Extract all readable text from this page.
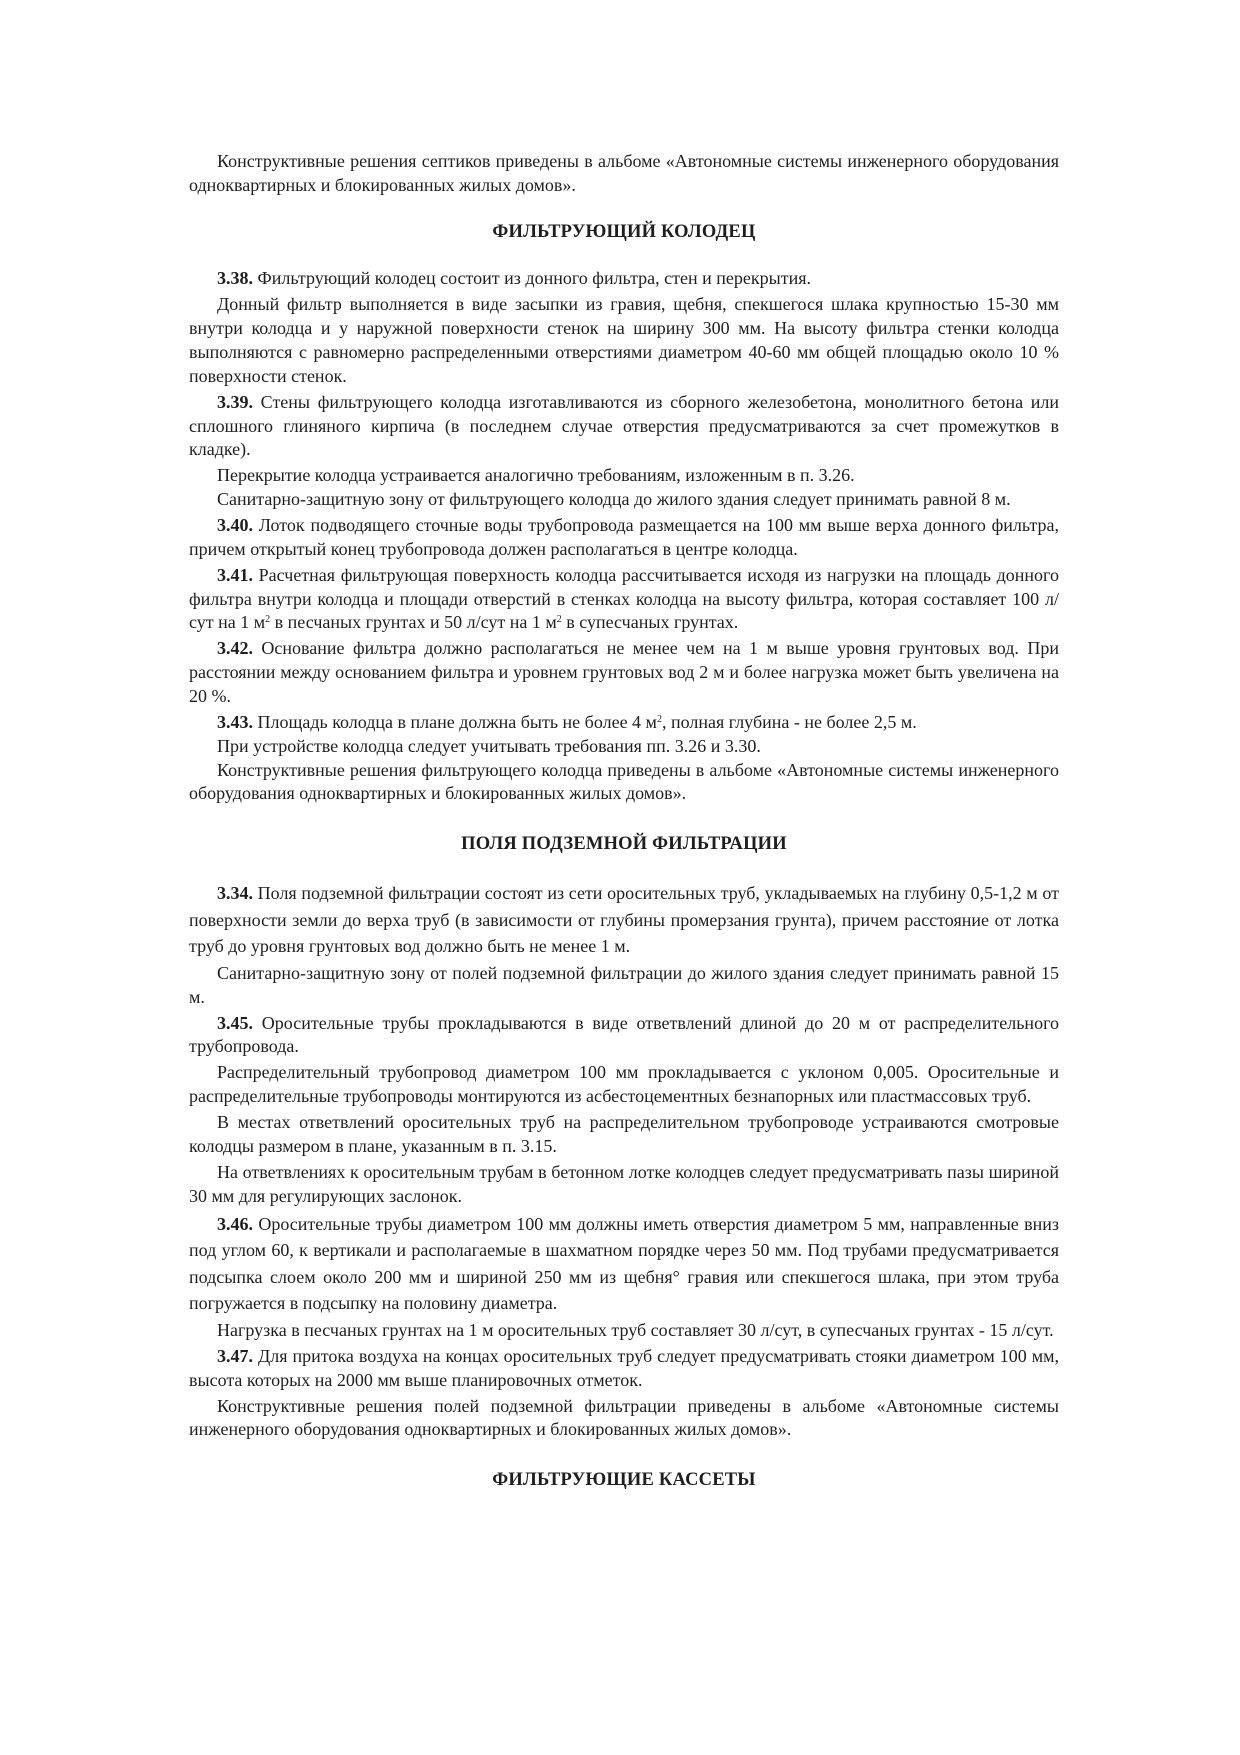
Конструктивные решения септиков приведены в альбоме «Автономные системы инженерного оборудования одноквартирных и блокированных жилых домов».

ФИЛЬТРУЮЩИЙ КОЛОДЕЦ

3.38. Фильтрующий колодец состоит из донного фильтра, стен и перекрытия.

Донный фильтр выполняется в виде засыпки из гравия, щебня, спекшегося шлака крупностью 15-30 мм внутри колодца и у наружной поверхности стенок на ширину 300 мм. На высоту фильтра стенки колодца выполняются с равномерно распределенными отверстиями диаметром 40-60 мм общей площадью около 10 % поверхности стенок.

3.39. Стены фильтрующего колодца изготавливаются из сборного железобетона, монолитного бетона или сплошного глиняного кирпича (в последнем случае отверстия предусматриваются за счет промежутков в кладке).

Перекрытие колодца устраивается аналогично требованиям, изложенным в п. 3.26.

Санитарно-защитную зону от фильтрующего колодца до жилого здания следует принимать равной 8 м.

3.40. Лоток подводящего сточные воды трубопровода размещается на 100 мм выше верха донного фильтра, причем открытый конец трубопровода должен располагаться в центре колодца.

3.41. Расчетная фильтрующая поверхность колодца рассчитывается исходя из нагрузки на площадь донного фильтра внутри колодца и площади отверстий в стенках колодца на высоту фильтра, которая составляет 100 л/сут на 1 $м^2$ в песчаных грунтах и 50 л/сут на 1 $м^2$ в супесчаных грунтах.

3.42. Основание фильтра должно располагаться не менее чем на 1 м выше уровня грунтовых вод. При расстоянии между основанием фильтра и уровнем грунтовых вод 2 м и более нагрузка может быть увеличена на 20 %.

3.43. Площадь колодца в плане должна быть не более 4 $м^2$, полная глубина - не более 2,5 м.

При устройстве колодца следует учитывать требования пп. 3.26 и 3.30.

Конструктивные решения фильтрующего колодца приведены в альбоме «Автономные системы инженерного оборудования одноквартирных и блокированных жилых домов».

ПОЛЯ ПОДЗЕМНОЙ ФИЛЬТРАЦИИ

3.34. Поля подземной фильтрации состоят из сети оросительных труб, укладываемых на глубину 0,5-1,2 м от поверхности земли до верха труб (в зависимости от глубины промерзания грунта), причем расстояние от лотка труб до уровня грунтовых вод должно быть не менее 1 м.

Санитарно-защитную зону от полей подземной фильтрации до жилого здания следует принимать равной 15 м.

3.45. Оросительные трубы прокладываются в виде ответвлений длиной до 20 м от распределительного трубопровода.

Распределительный трубопровод диаметром 100 мм прокладывается с уклоном 0,005. Оросительные и распределительные трубопроводы монтируются из асбестоцементных безнапорных или пластмассовых труб.

В местах ответвлений оросительных труб на распределительном трубопроводе устраиваются смотровые колодцы размером в плане, указанным в п. 3.15.

На ответвлениях к оросительным трубам в бетонном лотке колодцев следует предусматривать пазы шириной 30 мм для регулирующих заслонок.

3.46. Оросительные трубы диаметром 100 мм должны иметь отверстия диаметром 5 мм, направленные вниз под углом 60, к вертикали и располагаемые в шахматном порядке через 50 мм. Под трубами предусматривается подсыпка слоем около 200 мм и шириной 250 мм из щебня° гравия или спекшегося шлака, при этом труба погружается в подсыпку на половину диаметра.

Нагрузка в песчаных грунтах на 1 м оросительных труб составляет 30 л/сут, в супесчаных грунтах - 15 л/сут.

3.47. Для притока воздуха на концах оросительных труб следует предусматривать стояки диаметром 100 мм, высота которых на 2000 мм выше планировочных отметок.

Конструктивные решения полей подземной фильтрации приведены в альбоме «Автономные системы инженерного оборудования одноквартирных и блокированных жилых домов».

ФИЛЬТРУЮЩИЕ КАССЕТЫ
